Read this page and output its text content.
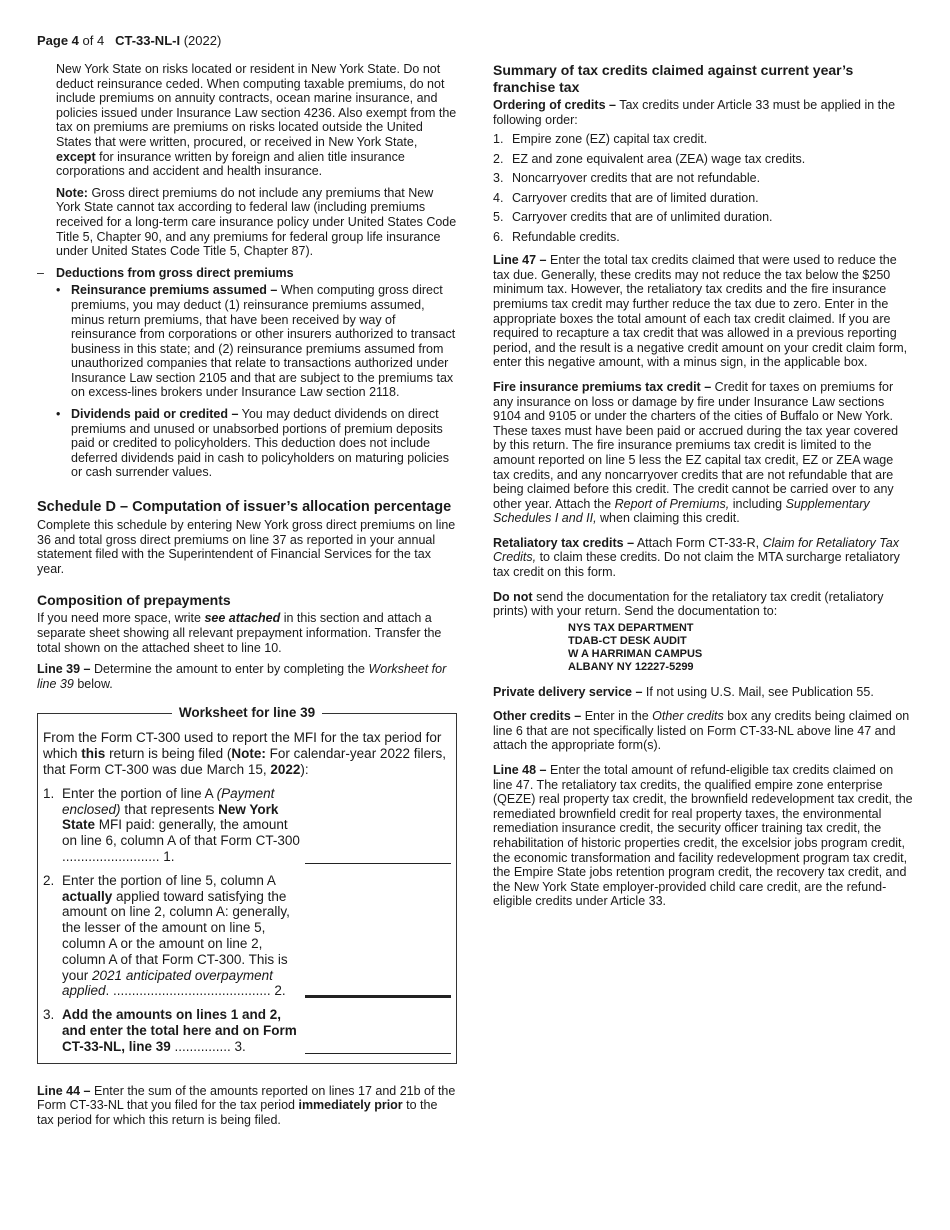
Page 4 of 4 CT-33-NL-I (2022)

New York State on risks located or resident in New York State. Do not deduct reinsurance ceded. When computing taxable premiums, do not include premiums on annuity contracts, ocean marine insurance, and policies issued under Insurance Law section 4236. Also exempt from the tax on premiums are premiums on risks located outside the United States that were written, procured, or received in New York State, except for insurance written by foreign and alien title insurance corporations and accident and health insurance.

Note: Gross direct premiums do not include any premiums that New York State cannot tax according to federal law (including premiums received for a long-term care insurance policy under United States Code Title 5, Chapter 90, and any premiums for federal group life insurance under United States Code Title 5, Chapter 87).

– Deductions from gross direct premiums
• Reinsurance premiums assumed – When computing gross direct premiums, you may deduct (1) reinsurance premiums assumed, minus return premiums, that have been received by way of reinsurance from corporations or other insurers authorized to transact business in this state; and (2) reinsurance premiums assumed from unauthorized companies that relate to transactions authorized under Insurance Law section 2105 and that are subject to the premiums tax on excess-lines brokers under Insurance Law section 2118.
• Dividends paid or credited – You may deduct dividends on direct premiums and unused or unabsorbed portions of premium deposits paid or credited to policyholders. This deduction does not include deferred dividends paid in cash to policyholders on maturing policies or cash surrender values.
Schedule D – Computation of issuer’s allocation percentage

Complete this schedule by entering New York gross direct premiums on line 36 and total gross direct premiums on line 37 as reported in your annual statement filed with the Superintendent of Financial Services for the tax year.

Composition of prepayments

If you need more space, write see attached in this section and attach a separate sheet showing all relevant prepayment information. Transfer the total shown on the attached sheet to line 10.

Line 39 – Determine the amount to enter by completing the Worksheet for line 39 below.

Worksheet for line 39

From the Form CT-300 used to report the MFI for the tax period for which this return is being filed (Note: For calendar-year 2022 filers, that Form CT-300 was due March 15, 2022):

1. Enter the portion of line A (Payment enclosed) that represents New York State MFI paid: generally, the amount on line 6, column A of that Form CT-300 .......................... 1.
2. Enter the portion of line 5, column A actually applied toward satisfying the amount on line 2, column A: generally, the lesser of the amount on line 5, column A or the amount on line 2, column A of that Form CT-300. This is your 2021 anticipated overpayment applied. .......................................... 2.
3. Add the amounts on lines 1 and 2, and enter the total here and on Form CT-33-NL, line 39 ............... 3.

Line 44 – Enter the sum of the amounts reported on lines 17 and 21b of the Form CT-33-NL that you filed for the tax period immediately prior to the tax period for which this return is being filed.

Summary of tax credits claimed against current year’s franchise tax

Ordering of credits – Tax credits under Article 33 must be applied in the following order:

1. Empire zone (EZ) capital tax credit.
2. EZ and zone equivalent area (ZEA) wage tax credits.
3. Noncarryover credits that are not refundable.
4. Carryover credits that are of limited duration.
5. Carryover credits that are of unlimited duration.
6. Refundable credits.

Line 47 – Enter the total tax credits claimed that were used to reduce the tax due. Generally, these credits may not reduce the tax below the $250 minimum tax. However, the retaliatory tax credits and the fire insurance premiums tax credit may further reduce the tax due to zero. Enter in the appropriate boxes the total amount of each tax credit claimed. If you are required to recapture a tax credit that was allowed in a previous reporting period, and the result is a negative credit amount on your credit claim form, enter this negative amount, with a minus sign, in the applicable box.

Fire insurance premiums tax credit – Credit for taxes on premiums for any insurance on loss or damage by fire under Insurance Law sections 9104 and 9105 or under the charters of the cities of Buffalo or New York. These taxes must have been paid or accrued during the tax year covered by this return. The fire insurance premiums tax credit is limited to the amount reported on line 5 less the EZ capital tax credit, EZ or ZEA wage tax credits, and any noncarryover credits that are not refundable that are being claimed before this credit. The credit cannot be carried over to any other year. Attach the Report of Premiums, including Supplementary Schedules I and II, when claiming this credit.

Retaliatory tax credits – Attach Form CT-33-R, Claim for Retaliatory Tax Credits, to claim these credits. Do not claim the MTA surcharge retaliatory tax credit on this form.

Do not send the documentation for the retaliatory tax credit (retaliatory prints) with your return. Send the documentation to:

NYS TAX DEPARTMENT
TDAB-CT DESK AUDIT
W A HARRIMAN CAMPUS
ALBANY NY 12227-5299

Private delivery service – If not using U.S. Mail, see Publication 55.

Other credits – Enter in the Other credits box any credits being claimed on line 6 that are not specifically listed on Form CT-33-NL above line 47 and attach the appropriate form(s).

Line 48 – Enter the total amount of refund-eligible tax credits claimed on line 47. The retaliatory tax credits, the qualified empire zone enterprise (QEZE) real property tax credit, the brownfield redevelopment tax credit, the remediated brownfield credit for real property taxes, the environmental remediation insurance credit, the security officer training tax credit, the rehabilitation of historic properties credit, the excelsior jobs program credit, the economic transformation and facility redevelopment program tax credit, the Empire State jobs retention program credit, the recovery tax credit, and the New York State employer-provided child care credit, are the refund-eligible credits under Article 33.
